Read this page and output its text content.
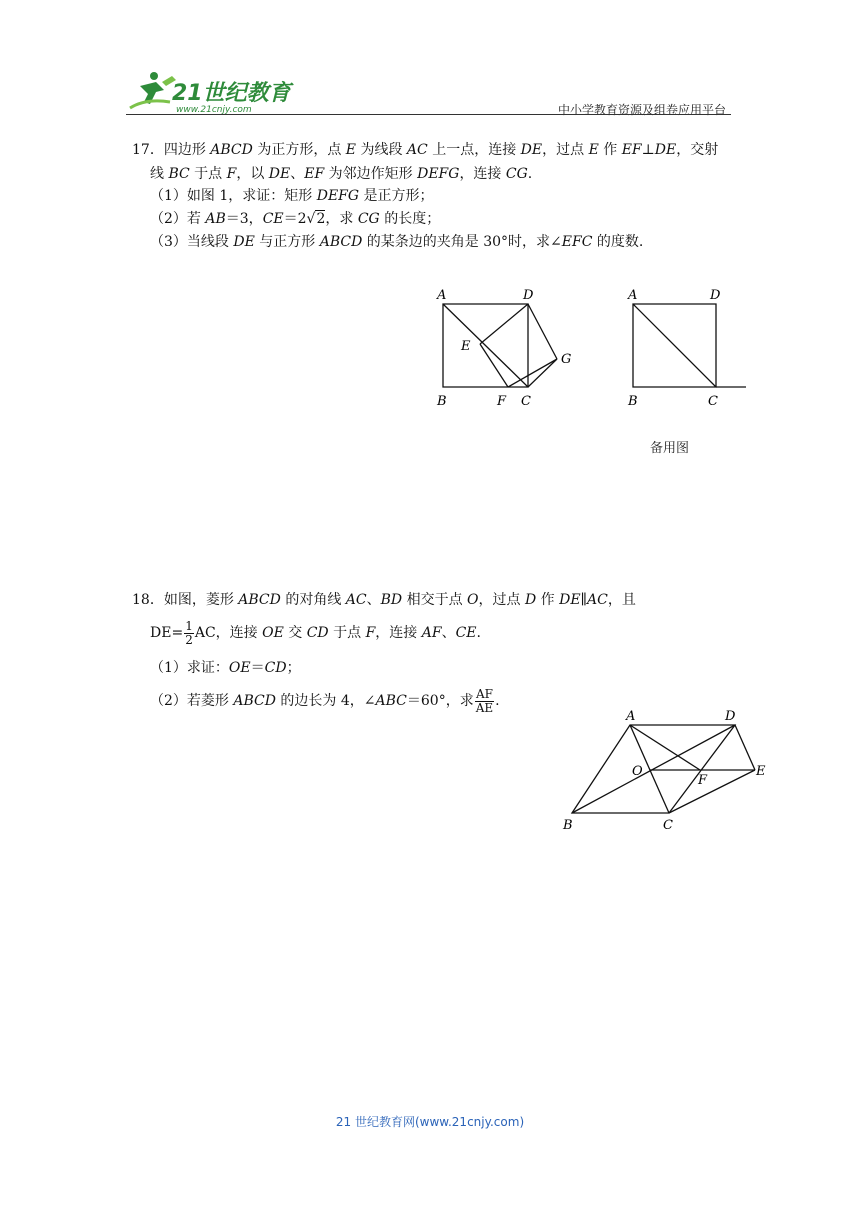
21世纪教育
www.21cnjy.com	中小学教育资源及组卷应用平台
17．四边形 ABCD 为正方形，点 E 为线段 AC 上一点，连接 DE，过点 E 作 EF⊥DE，交射
线 BC 于点 F，以 DE、EF 为邻边作矩形 DEFG，连接 CG.
（1）如图 1，求证：矩形 DEFG 是正方形；
（2）若 AB＝3，CE＝2√2，求 CG 的长度；
（3）当线段 DE 与正方形 ABCD 的某条边的夹角是 30°时，求∠EFC 的度数.
A	D
E
G
B	F C
A	D
B	C
备用图
18．如图，菱形 ABCD 的对角线 AC、BD 相交于点 O，过点 D 作 DE∥AC，且
$DE= \frac{1}{2}$ AC，连接 OE 交 CD 于点 F，连接 AF、CE.
（1）求证：OE＝CD；
（2）若菱形 ABCD 的边长为 4，∠ABC＝60°，求 $\frac{AF}{AE}$ .
A	D
O
F
E
B	C
21 世纪教育网(www.21cnjy.com)
